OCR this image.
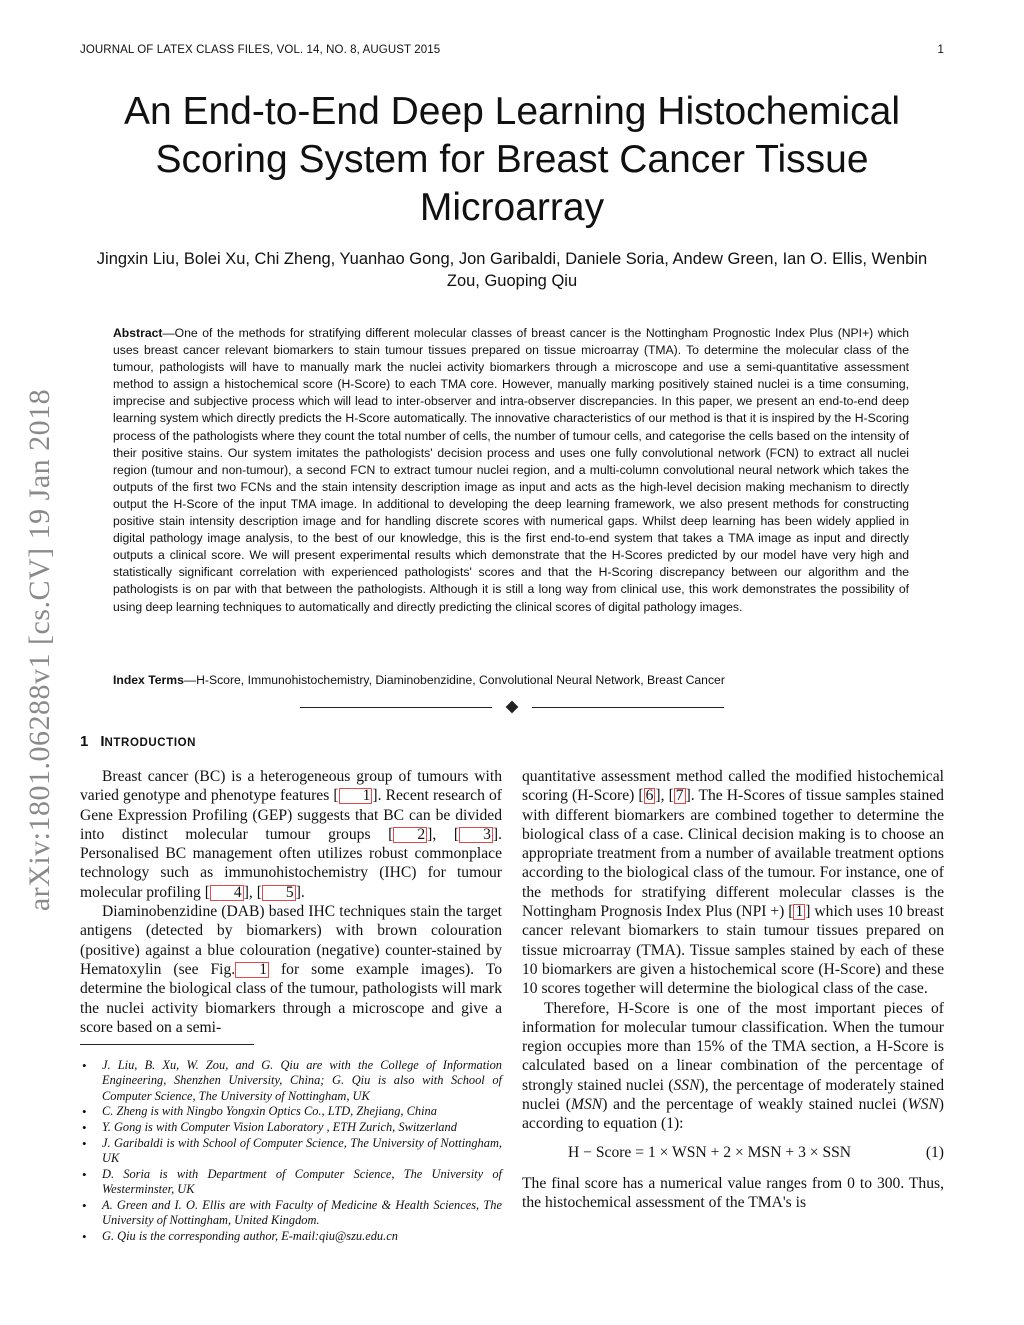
JOURNAL OF LATEX CLASS FILES, VOL. 14, NO. 8, AUGUST 2015	1
arXiv:1801.06288v1 [cs.CV] 19 Jan 2018
An End-to-End Deep Learning Histochemical Scoring System for Breast Cancer Tissue Microarray
Jingxin Liu, Bolei Xu, Chi Zheng, Yuanhao Gong, Jon Garibaldi, Daniele Soria, Andew Green, Ian O. Ellis, Wenbin Zou, Guoping Qiu

Abstract—One of the methods for stratifying different molecular classes of breast cancer is the Nottingham Prognostic Index Plus (NPI+) which uses breast cancer relevant biomarkers to stain tumour tissues prepared on tissue microarray (TMA). To determine the molecular class of the tumour, pathologists will have to manually mark the nuclei activity biomarkers through a microscope and use a semi-quantitative assessment method to assign a histochemical score (H-Score) to each TMA core. However, manually marking positively stained nuclei is a time consuming, imprecise and subjective process which will lead to inter-observer and intra-observer discrepancies. In this paper, we present an end-to-end deep learning system which directly predicts the H-Score automatically. The innovative characteristics of our method is that it is inspired by the H-Scoring process of the pathologists where they count the total number of cells, the number of tumour cells, and categorise the cells based on the intensity of their positive stains. Our system imitates the pathologists' decision process and uses one fully convolutional network (FCN) to extract all nuclei region (tumour and non-tumour), a second FCN to extract tumour nuclei region, and a multi-column convolutional neural network which takes the outputs of the first two FCNs and the stain intensity description image as input and acts as the high-level decision making mechanism to directly output the H-Score of the input TMA image. In additional to developing the deep learning framework, we also present methods for constructing positive stain intensity description image and for handling discrete scores with numerical gaps. Whilst deep learning has been widely applied in digital pathology image analysis, to the best of our knowledge, this is the first end-to-end system that takes a TMA image as input and directly outputs a clinical score. We will present experimental results which demonstrate that the H-Scores predicted by our model have very high and statistically significant correlation with experienced pathologists' scores and that the H-Scoring discrepancy between our algorithm and the pathologists is on par with that between the pathologists. Although it is still a long way from clinical use, this work demonstrates the possibility of using deep learning techniques to automatically and directly predicting the clinical scores of digital pathology images.

Index Terms—H-Score, Immunohistochemistry, Diaminobenzidine, Convolutional Neural Network, Breast Cancer

1 INTRODUCTION

Breast cancer (BC) is a heterogeneous group of tumours with varied genotype and phenotype features [ 1 ]. Recent research of Gene Expression Profiling (GEP) suggests that BC can be divided into distinct molecular tumour groups [ 2 ], [ 3 ]. Personalised BC management often utilizes robust commonplace technology such as immunohistochemistry (IHC) for tumour molecular profiling [ 4 ], [ 5 ].

Diaminobenzidine (DAB) based IHC techniques stain the target antigens (detected by biomarkers) with brown colouration (positive) against a blue colouration (negative) counter-stained by Hematoxylin (see Fig. 1 for some example images). To determine the biological class of the tumour, pathologists will mark the nuclei activity biomarkers through a microscope and give a score based on a semi-

• J. Liu, B. Xu, W. Zou, and G. Qiu are with the College of Information Engineering, Shenzhen University, China; G. Qiu is also with School of Computer Science, The University of Nottingham, UK
• C. Zheng is with Ningbo Yongxin Optics Co., LTD, Zhejiang, China
• Y. Gong is with Computer Vision Laboratory , ETH Zurich, Switzerland
• J. Garibaldi is with School of Computer Science, The University of Nottingham, UK
• D. Soria is with Department of Computer Science, The University of Westerminster, UK
• A. Green and I. O. Ellis are with Faculty of Medicine & Health Sciences, The University of Nottingham, United Kingdom.
• G. Qiu is the corresponding author, E-mail:qiu@szu.edu.cn

quantitative assessment method called the modified histochemical scoring (H-Score) [ 6 ], [ 7 ]. The H-Scores of tissue samples stained with different biomarkers are combined together to determine the biological class of a case. Clinical decision making is to choose an appropriate treatment from a number of available treatment options according to the biological class of the tumour. For instance, one of the methods for stratifying different molecular classes is the Nottingham Prognosis Index Plus (NPI +) [ 1 ] which uses 10 breast cancer relevant biomarkers to stain tumour tissues prepared on tissue microarray (TMA). Tissue samples stained by each of these 10 biomarkers are given a histochemical score (H-Score) and these 10 scores together will determine the biological class of the case.

Therefore, H-Score is one of the most important pieces of information for molecular tumour classification. When the tumour region occupies more than 15% of the TMA section, a H-Score is calculated based on a linear combination of the percentage of strongly stained nuclei (SSN), the percentage of moderately stained nuclei (MSN) and the percentage of weakly stained nuclei (WSN) according to equation (1):

H − Score = 1 × WSN + 2 × MSN + 3 × SSN	(1)

The final score has a numerical value ranges from 0 to 300. Thus, the histochemical assessment of the TMA's is
